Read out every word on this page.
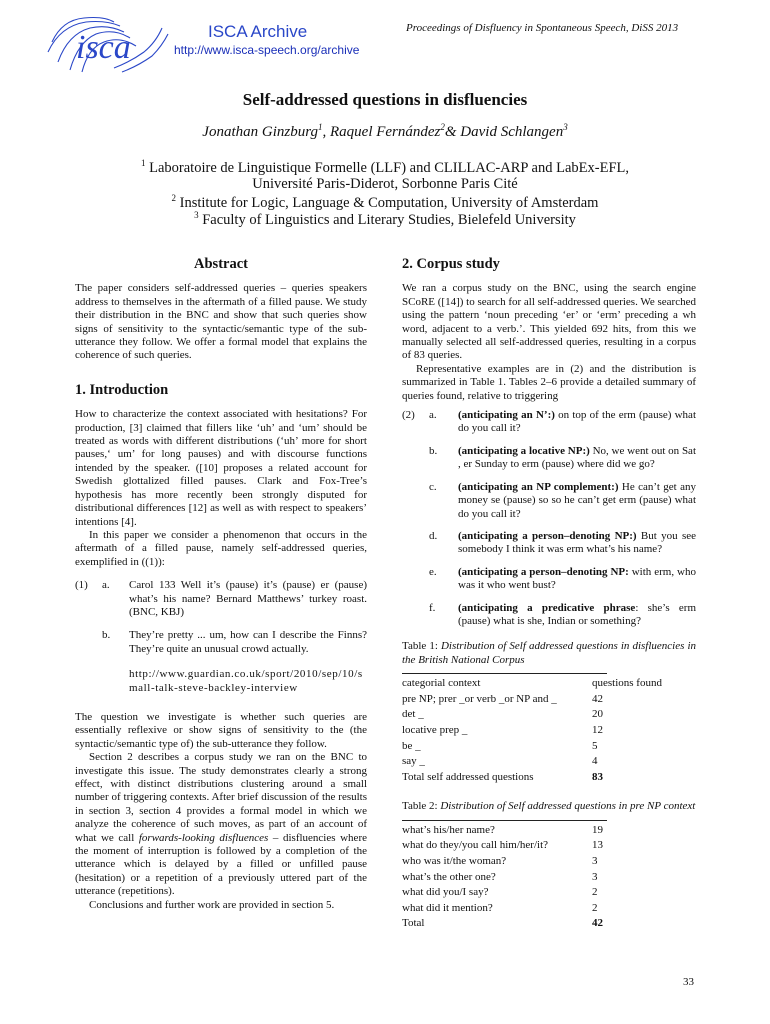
isca	ISCA Archive
http://www.isca-speech.org/archive
Proceedings of Disfluency in Spontaneous Speech, DiSS 2013
Self-addressed questions in disfluencies
Jonathan Ginzburg$^1$, Raquel Fernández$^2$& David Schlangen$^3$
$^1$ Laboratoire de Linguistique Formelle (LLF) and CLILLAC-ARP and LabEx-EFL,
Université Paris-Diderot, Sorbonne Paris Cité
$^2$ Institute for Logic, Language & Computation, University of Amsterdam
$^3$ Faculty of Linguistics and Literary Studies, Bielefeld University
Abstract

The paper considers self-addressed queries – queries speakers address to themselves in the aftermath of a filled pause. We study their distribution in the BNC and show that such queries show signs of sensitivity to the syntactic/semantic type of the sub-utterance they follow. We offer a formal model that explains the coherence of such queries.

1. Introduction

How to characterize the context associated with hesitations? For production, [3] claimed that fillers like ‘uh’ and ‘um’ should be treated as words with different distributions (‘uh’ more for short pauses,‘ um’ for long pauses) and with discourse functions intended by the speaker. ([10] proposes a related account for Swedish glottalized filled pauses. Clark and Fox-Tree’s hypothesis has more recently been strongly disputed for distributional differences [12] as well as with respect to speakers’ intentions [4].

In this paper we consider a phenomenon that occurs in the aftermath of a filled pause, namely self-addressed queries, exemplified in ((1)):

(1) a. Carol 133 Well it’s (pause) it’s (pause) er (pause) what’s his name? Bernard Matthews’ turkey roast. (BNC, KBJ)
b. They’re pretty ... um, how can I describe the Finns? They’re quite an unusual crowd actually.
http://www.guardian.co.uk/sport/2010/sep/10/small-talk-steve-backley-interview

The question we investigate is whether such queries are essentially reflexive or show signs of sensitivity to the (the syntactic/semantic type of) the sub-utterance they follow.

Section 2 describes a corpus study we ran on the BNC to investigate this issue. The study demonstrates clearly a strong effect, with distinct distributions clustering around a small number of triggering contexts. After brief discussion of the results in section 3, section 4 provides a formal model in which we analyze the coherence of such moves, as part of an account of what we call forwards-looking disfluences – disfluencies where the moment of interruption is followed by a completion of the utterance which is delayed by a filled or unfilled pause (hesitation) or a repetition of a previously uttered part of the utterance (repetitions).

Conclusions and further work are provided in section 5.

2. Corpus study

We ran a corpus study on the BNC, using the search engine SCoRE ([14]) to search for all self-addressed queries. We searched using the pattern ‘noun preceding ‘er’ or ‘erm’ preceding a wh word, adjacent to a verb.’. This yielded 692 hits, from this we manually selected all self-addressed queries, resulting in a corpus of 83 queries.

Representative examples are in (2) and the distribution is summarized in Table 1. Tables 2–6 provide a detailed summary of queries found, relative to triggering

(2) a. (anticipating an N’:) on top of the erm (pause) what do you call it?
b. (anticipating a locative NP:) No, we went out on Sat , er Sunday to erm (pause) where did we go?
c. (anticipating an NP complement:) He can’t get any money se (pause) so so he can’t get erm (pause) what do you call it?
d. (anticipating a person–denoting NP:) But you see somebody I think it was erm what’s his name?
e. (anticipating a person–denoting NP: with erm, who was it who went bust?
f. (anticipating a predicative phrase: she’s erm (pause) what is she, Indian or something?
Table 1: Distribution of Self addressed questions in disfluencies in the British National Corpus
categorial context	questions found
pre NP; prer _or verb _or NP and _	42
det _	20
locative prep _	12
be _	5
say _	4
Total self addressed questions	83
Table 2: Distribution of Self addressed questions in pre NP context
what’s his/her name?	19
what do they/you call him/her/it?	13
who was it/the woman?	3
what’s the other one?	3
what did you/I say?	2
what did it mention?	2
Total	42
33
